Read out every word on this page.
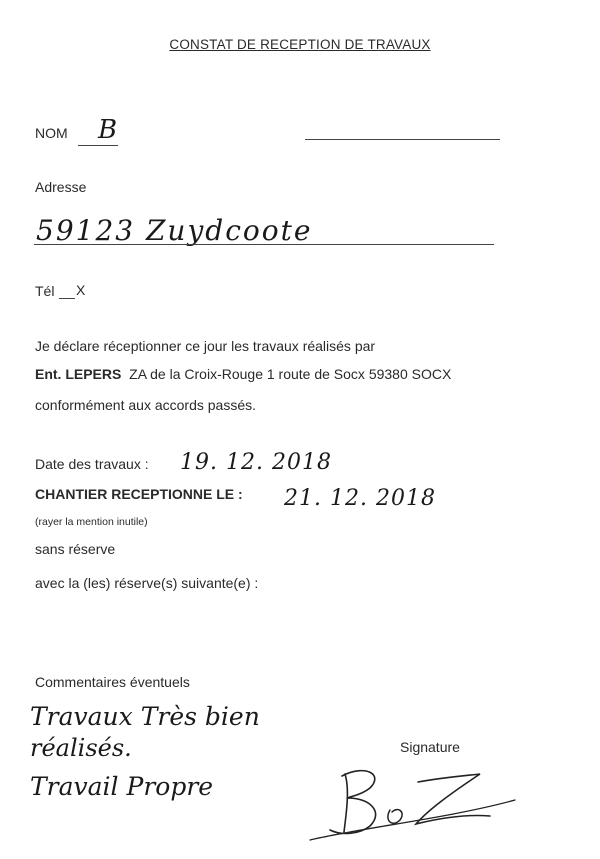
CONSTAT DE RECEPTION DE TRAVAUX
NOM B
Adresse
59123 Zuydcoote
Tél X
Je déclare réceptionner ce jour les travaux réalisés par
Ent. LEPERS ZA de la Croix-Rouge 1 route de Socx 59380 SOCX
conformément aux accords passés.
Date des travaux : 19. 12. 2018
CHANTIER RECEPTIONNE LE : 21. 12. 2018
(rayer la mention inutile)
sans réserve
avec la (les) réserve(s) suivante(e) :
Commentaires éventuels
Travaux Très bien
réalisés.
Travail Propre
Signature
